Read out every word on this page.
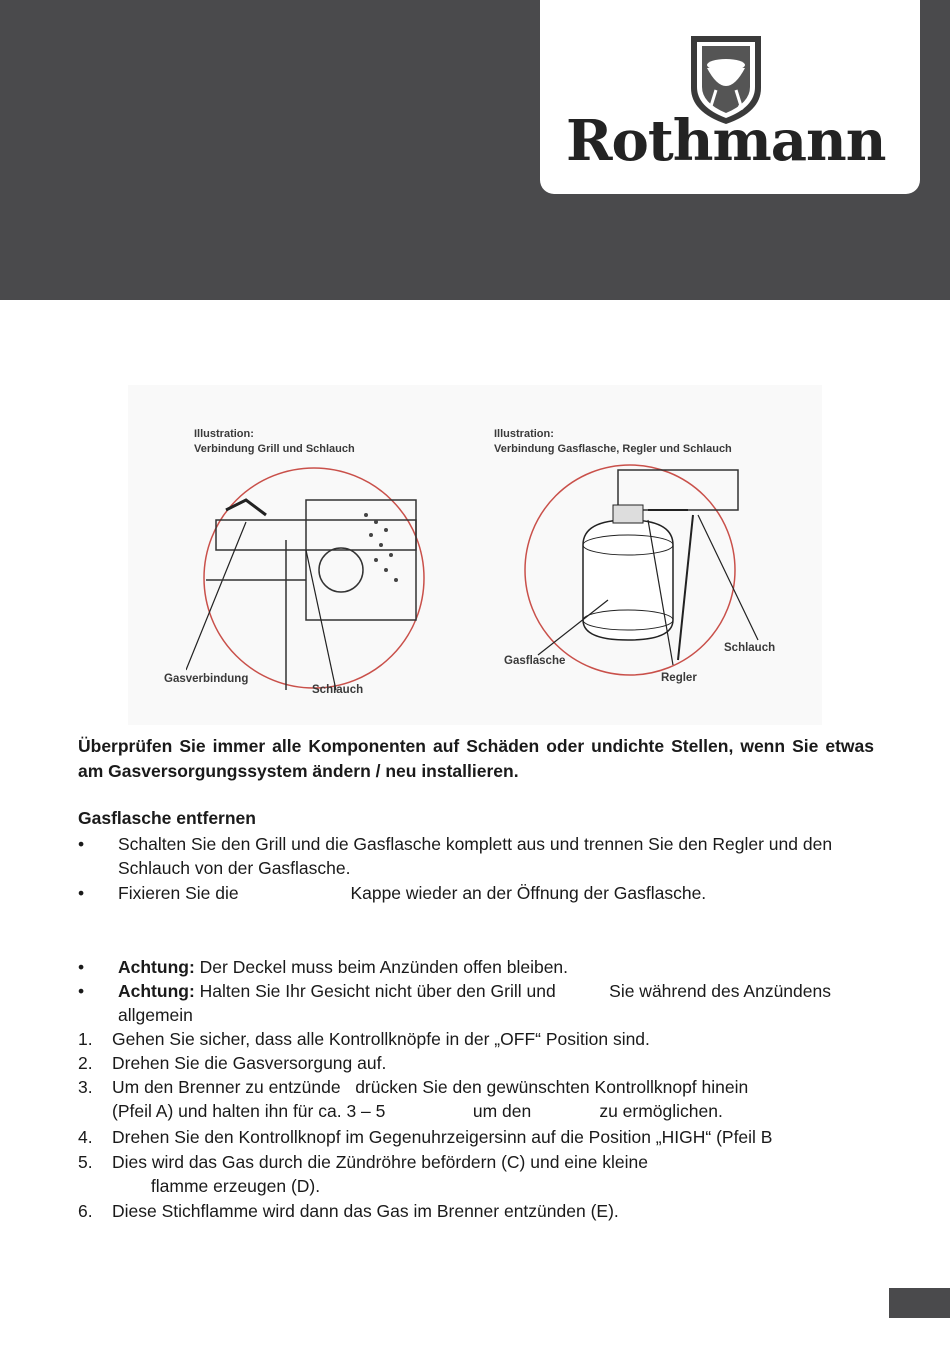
Rothmann
Illustration:
Verbindung Grill und Schlauch
Gasverbindung
Schlauch
Illustration:
Verbindung Gasflasche, Regler und Schlauch
Gasflasche
Regler
Schlauch
Überprüfen Sie immer alle Komponenten auf Schäden oder undichte Stellen, wenn Sie etwas am Gasversorgungssystem ändern / neu installieren.
Gasflasche entfernen
• Schalten Sie den Grill und die Gasflasche komplett aus und trennen Sie den Regler und den Schlauch von der Gasflasche.
• Fixieren Sie die                       Kappe wieder an der Öffnung der Gasflasche.
• Achtung: Der Deckel muss beim Anzünden offen bleiben.
• Achtung: Halten Sie Ihr Gesicht nicht über den Grill und           Sie während des Anzündens allgemein
1. Gehen Sie sicher, dass alle Kontrollknöpfe in der „OFF“ Position sind.
2. Drehen Sie die Gasversorgung auf.
3. Um den Brenner zu entzünde   drücken Sie den gewünschten Kontrollknopf hinein
(Pfeil A) und halten ihn für ca. 3 – 5                  um den              zu ermöglichen.
4. Drehen Sie den Kontrollknopf im Gegenuhrzeigersinn auf die Position „HIGH“ (Pfeil B
5. Dies wird das Gas durch die Zündröhre befördern (C) und eine kleine
flamme erzeugen (D).
6. Diese Stichflamme wird dann das Gas im Brenner entzünden (E).
